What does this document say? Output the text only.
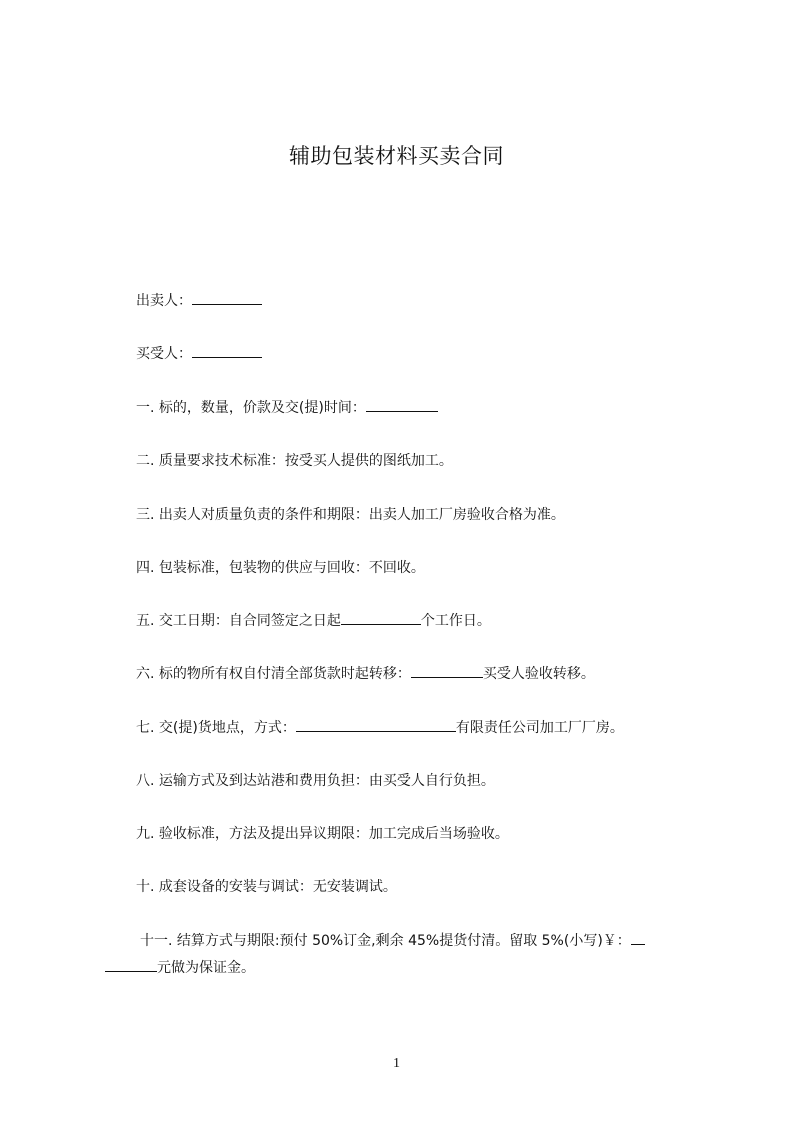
辅助包装材料买卖合同
出卖人：
买受人：
一. 标的，数量，价款及交(提)时间：
二. 质量要求技术标准：按受买人提供的图纸加工。
三. 出卖人对质量负责的条件和期限：出卖人加工厂房验收合格为准。
四. 包装标准，包装物的供应与回收：不回收。
五. 交工日期：自合同签定之日起	个工作日。
六. 标的物所有权自付清全部货款时起转移：	买受人验收转移。
七. 交(提)货地点，方式：	有限责任公司加工厂厂房。
八. 运输方式及到达站港和费用负担：由买受人自行负担。
九. 验收标准，方法及提出异议期限：加工完成后当场验收。
十. 成套设备的安装与调试：无安装调试。
十一. 结算方式与期限:预付 50%订金,剩余 45%提货付清。留取 5%(小写)￥：
元做为保证金。
1
